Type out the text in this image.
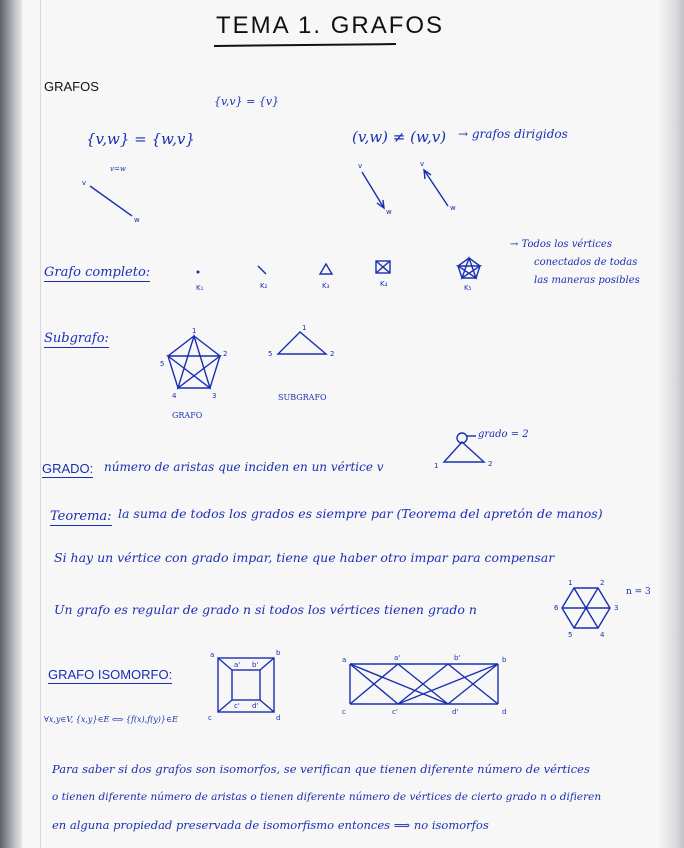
TEMA 1. GRAFOS
GRAFOS
{v,v} = {v}
{v,w} = {w,v}
v=w
(v,w) ≠ (w,v) → grafos dirigidos
v
w
v
w
v
w
Grafo completo:
K₁	K₂	K₃	K₄	K₅
→ Todos los vértices
conectados de todas
las maneras posibles
Subgrafo:	1
2
3
4
5
GRAFO
1
2
5
SUBGRAFO
GRADO: número de aristas que inciden en un vértice v	1	2
grado = 2
Teorema: la suma de todos los grados es siempre par (Teorema del apretón de manos)
Si hay un vértice con grado impar, tiene que haber otro impar para compensar
Un grafo es regular de grado n si todos los vértices tienen grado n
1	2
3
4
5
6
n = 3
GRAFO ISOMORFO:
∀x,y∈V, {x,y}∈E ⟺ {f(x),f(y)}∈E
a	b
c	d
a' b'
c' d'
a	b
c	d
a'	b'
c'	d'
Para saber si dos grafos son isomorfos, se verifican que tienen diferente número de vértices
o tienen diferente número de aristas o tienen diferente número de vértices de cierto grado n o difieren
en alguna propiedad preservada de isomorfismo entonces ⟹ no isomorfos
